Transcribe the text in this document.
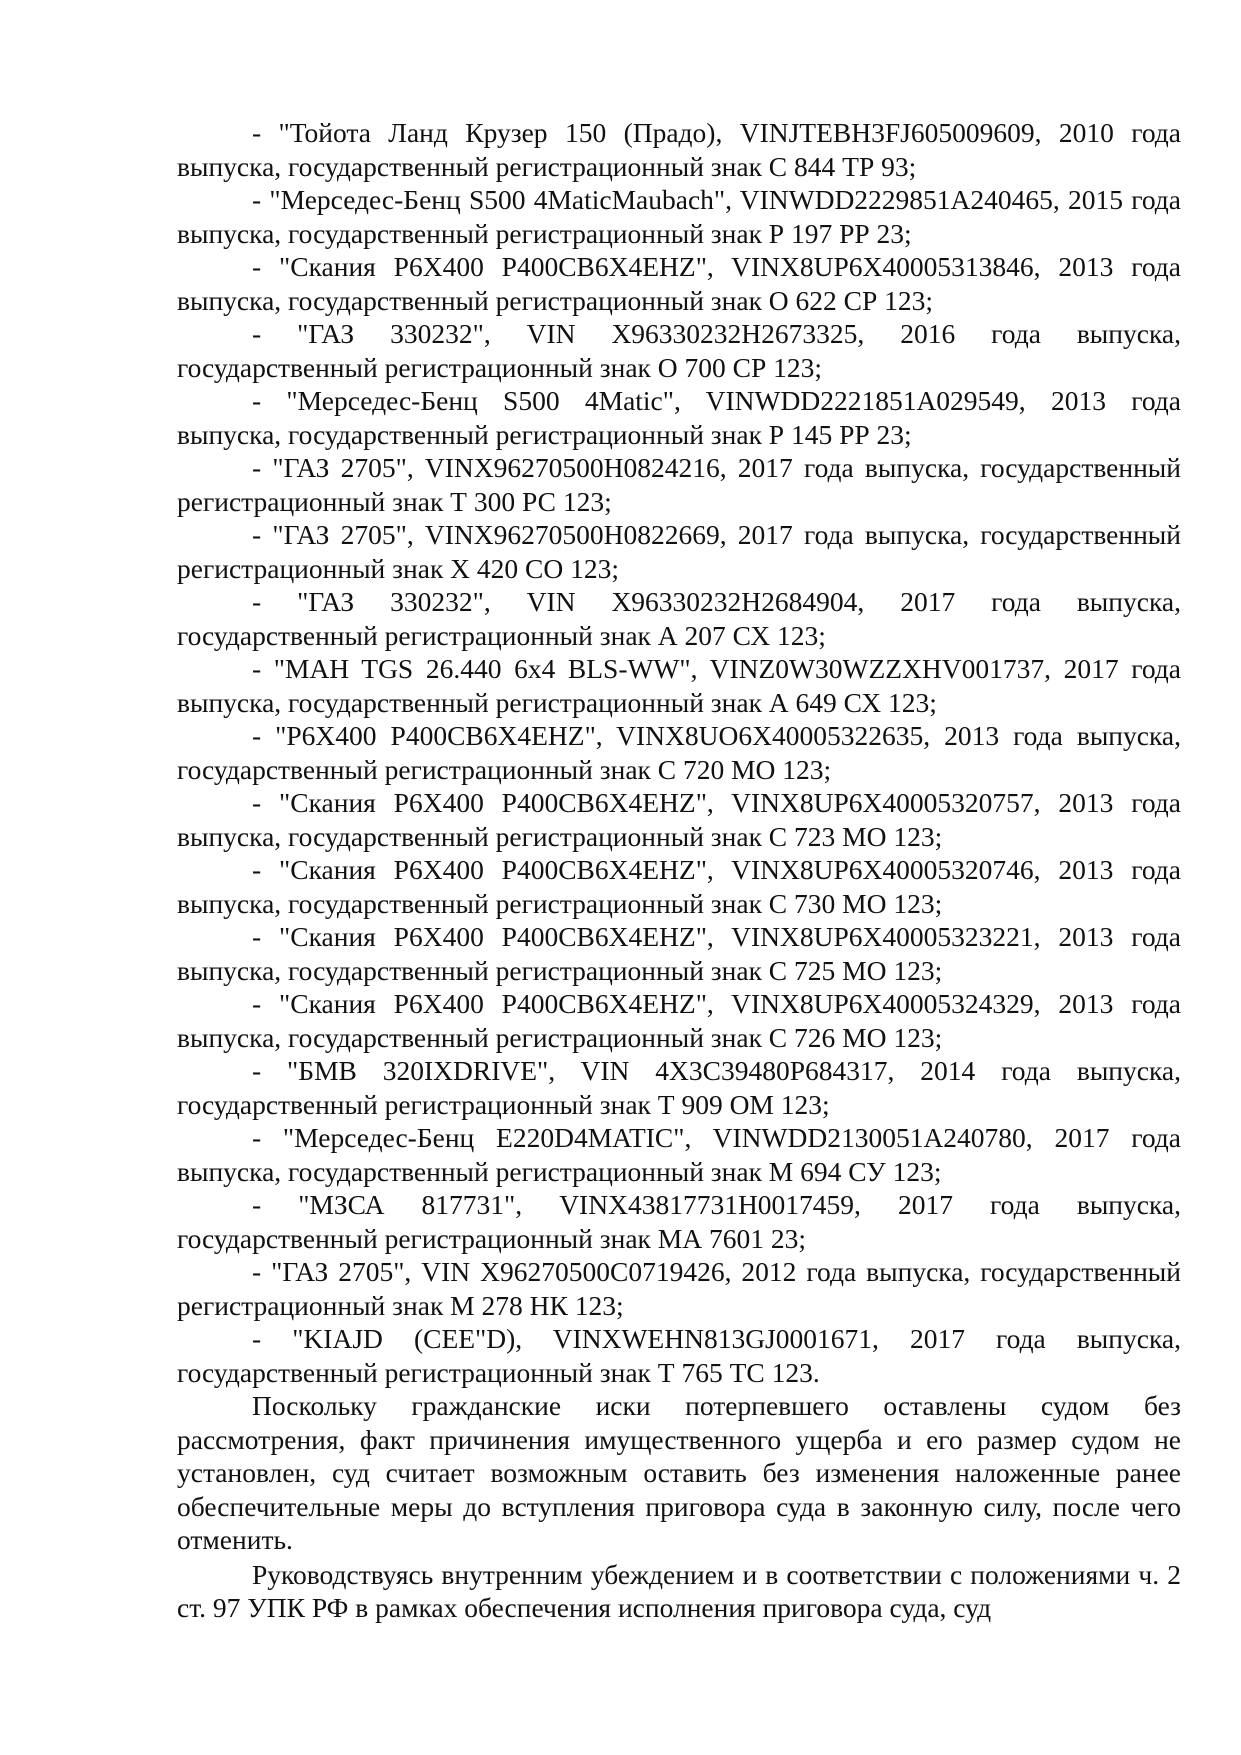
- "Тойота Ланд Крузер 150 (Прадо), VINJTEBH3FJ605009609, 2010 года выпуска, государственный регистрационный знак С 844 ТР 93;

- "Мерседес-Бенц S500 4MaticMaubach", VINWDD2229851A240465, 2015 года выпуска, государственный регистрационный знак Р 197 РР 23;

- "Скания P6X400 P400CB6X4EHZ", VINX8UP6X40005313846, 2013 года выпуска, государственный регистрационный знак О 622 СР 123;

- "ГАЗ 330232", VIN X96330232H2673325, 2016 года выпуска, государственный регистрационный знак О 700 СР 123;

- "Мерседес-Бенц S500 4Matic", VINWDD2221851A029549, 2013 года выпуска, государственный регистрационный знак Р 145 РР 23;

- "ГАЗ 2705", VINX96270500H0824216, 2017 года выпуска, государственный регистрационный знак Т 300 РС 123;

- "ГАЗ 2705", VINX96270500H0822669, 2017 года выпуска, государственный регистрационный знак Х 420 СО 123;

- "ГАЗ 330232", VIN X96330232H2684904, 2017 года выпуска, государственный регистрационный знак А 207 СХ 123;

- "MAH TGS 26.440 6x4 BLS-WW", VINZ0W30WZZXHV001737, 2017 года выпуска, государственный регистрационный знак А 649 СХ 123;

- "P6X400 P400CB6X4EHZ", VINX8UO6X40005322635, 2013 года выпуска, государственный регистрационный знак С 720 МО 123;

- "Скания P6X400 P400CB6X4EHZ", VINX8UP6X40005320757, 2013 года выпуска, государственный регистрационный знак С 723 МО 123;

- "Скания P6X400 P400CB6X4EHZ", VINX8UP6X40005320746, 2013 года выпуска, государственный регистрационный знак С 730 МО 123;

- "Скания P6X400 P400CB6X4EHZ", VINX8UP6X40005323221, 2013 года выпуска, государственный регистрационный знак С 725 МО 123;

- "Скания P6X400 P400CB6X4EHZ", VINX8UP6X40005324329, 2013 года выпуска, государственный регистрационный знак С 726 МО 123;

- "БМВ 320IXDRIVE", VIN 4X3C39480P684317, 2014 года выпуска, государственный регистрационный знак Т 909 ОМ 123;

- "Мерседес-Бенц E220D4MATIC", VINWDD2130051A240780, 2017 года выпуска, государственный регистрационный знак М 694 СУ 123;

- "МЗСА 817731", VINX43817731H0017459, 2017 года выпуска, государственный регистрационный знак МА 7601 23;

- "ГАЗ 2705", VIN X96270500C0719426, 2012 года выпуска, государственный регистрационный знак М 278 НК 123;

- "KIAJD (CEE"D), VINXWEHN813GJ0001671, 2017 года выпуска, государственный регистрационный знак Т 765 ТС 123.

Поскольку гражданские иски потерпевшего оставлены судом без рассмотрения, факт причинения имущественного ущерба и его размер судом не установлен, суд считает возможным оставить без изменения наложенные ранее обеспечительные меры до вступления приговора суда в законную силу, после чего отменить.

Руководствуясь внутренним убеждением и в соответствии с положениями ч. 2 ст. 97 УПК РФ в рамках обеспечения исполнения приговора суда, суд
